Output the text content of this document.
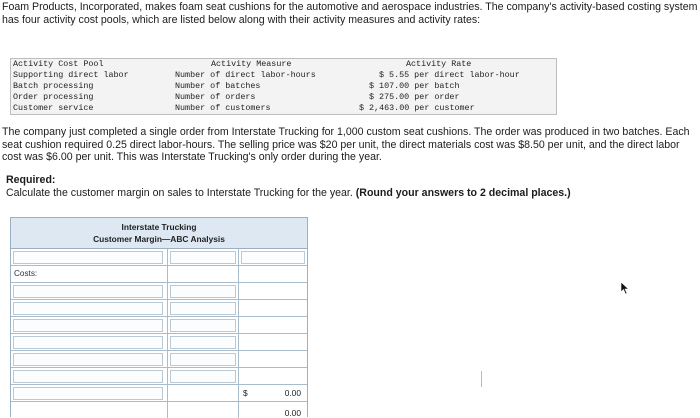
Foam Products, Incorporated, makes foam seat cushions for the automotive and aerospace industries. The company's activity-based costing system has four activity cost pools, which are listed below along with their activity measures and activity rates:
Activity Cost Pool	Activity Measure	Activity Rate
Supporting direct labor	Number of direct labor-hours	$ 5.55 per direct labor-hour
Batch processing	Number of batches	$ 107.00 per batch
Order processing	Number of orders	$ 275.00 per order
Customer service	Number of customers	$ 2,463.00 per customer
The company just completed a single order from Interstate Trucking for 1,000 custom seat cushions. The order was produced in two batches. Each seat cushion required 0.25 direct labor-hours. The selling price was $20 per unit, the direct materials cost was $8.50 per unit, and the direct labor cost was $6.00 per unit. This was Interstate Trucking's only order during the year.
Required:
Calculate the customer margin on sales to Interstate Trucking for the year. (Round your answers to 2 decimal places.)
Interstate Trucking
Customer Margin—ABC Analysis
Costs:
$	0.00
0.00
